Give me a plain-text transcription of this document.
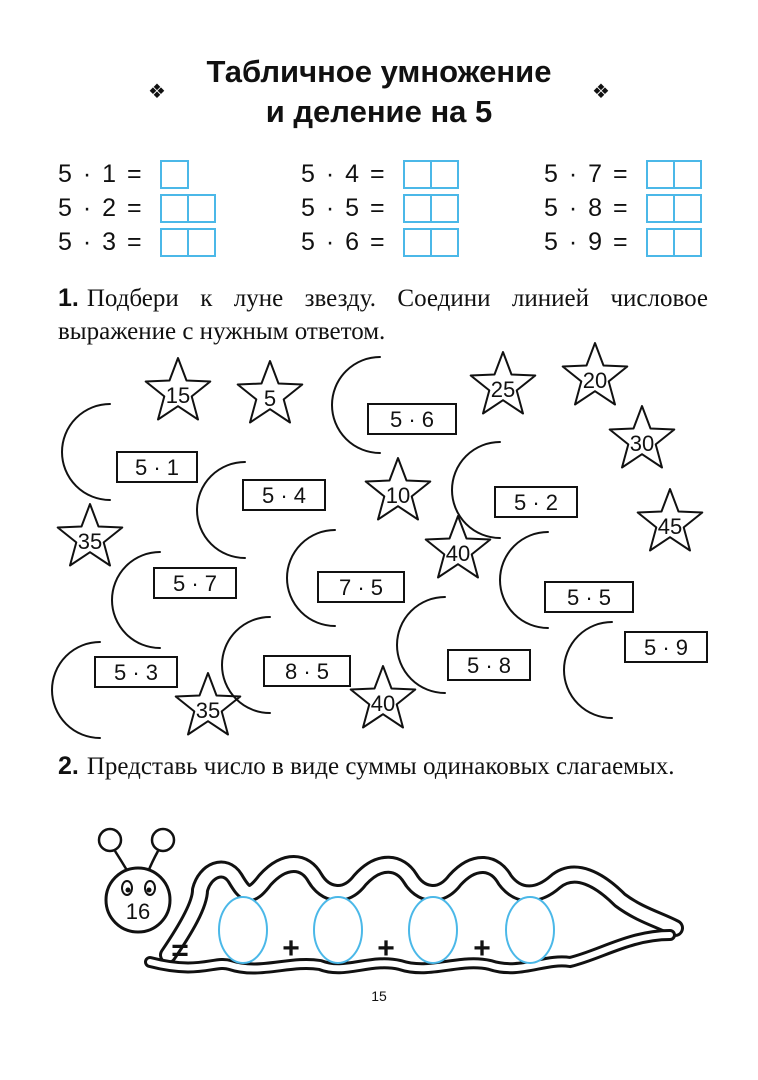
Табличное умножение
и деление на 5
❖	❖
5 · 1 =
5 · 2 =
5 · 3 =
5 · 4 =
5 · 5 =
5 · 6 =
5 · 7 =
5 · 8 =
5 · 9 =
1. Подбери к луне звезду. Соедини линией числовое выражение с нужным ответом.
15	5	25	20
30
10
35
45
40
35	40
5 · 6
5 · 1
5 · 4	5 · 2
5 · 7	7 · 5	5 · 5
5 · 9
5 · 3	8 · 5	5 · 8
=	+	+	+
16
2. Представь число в виде суммы одинаковых слагаемых.
15
